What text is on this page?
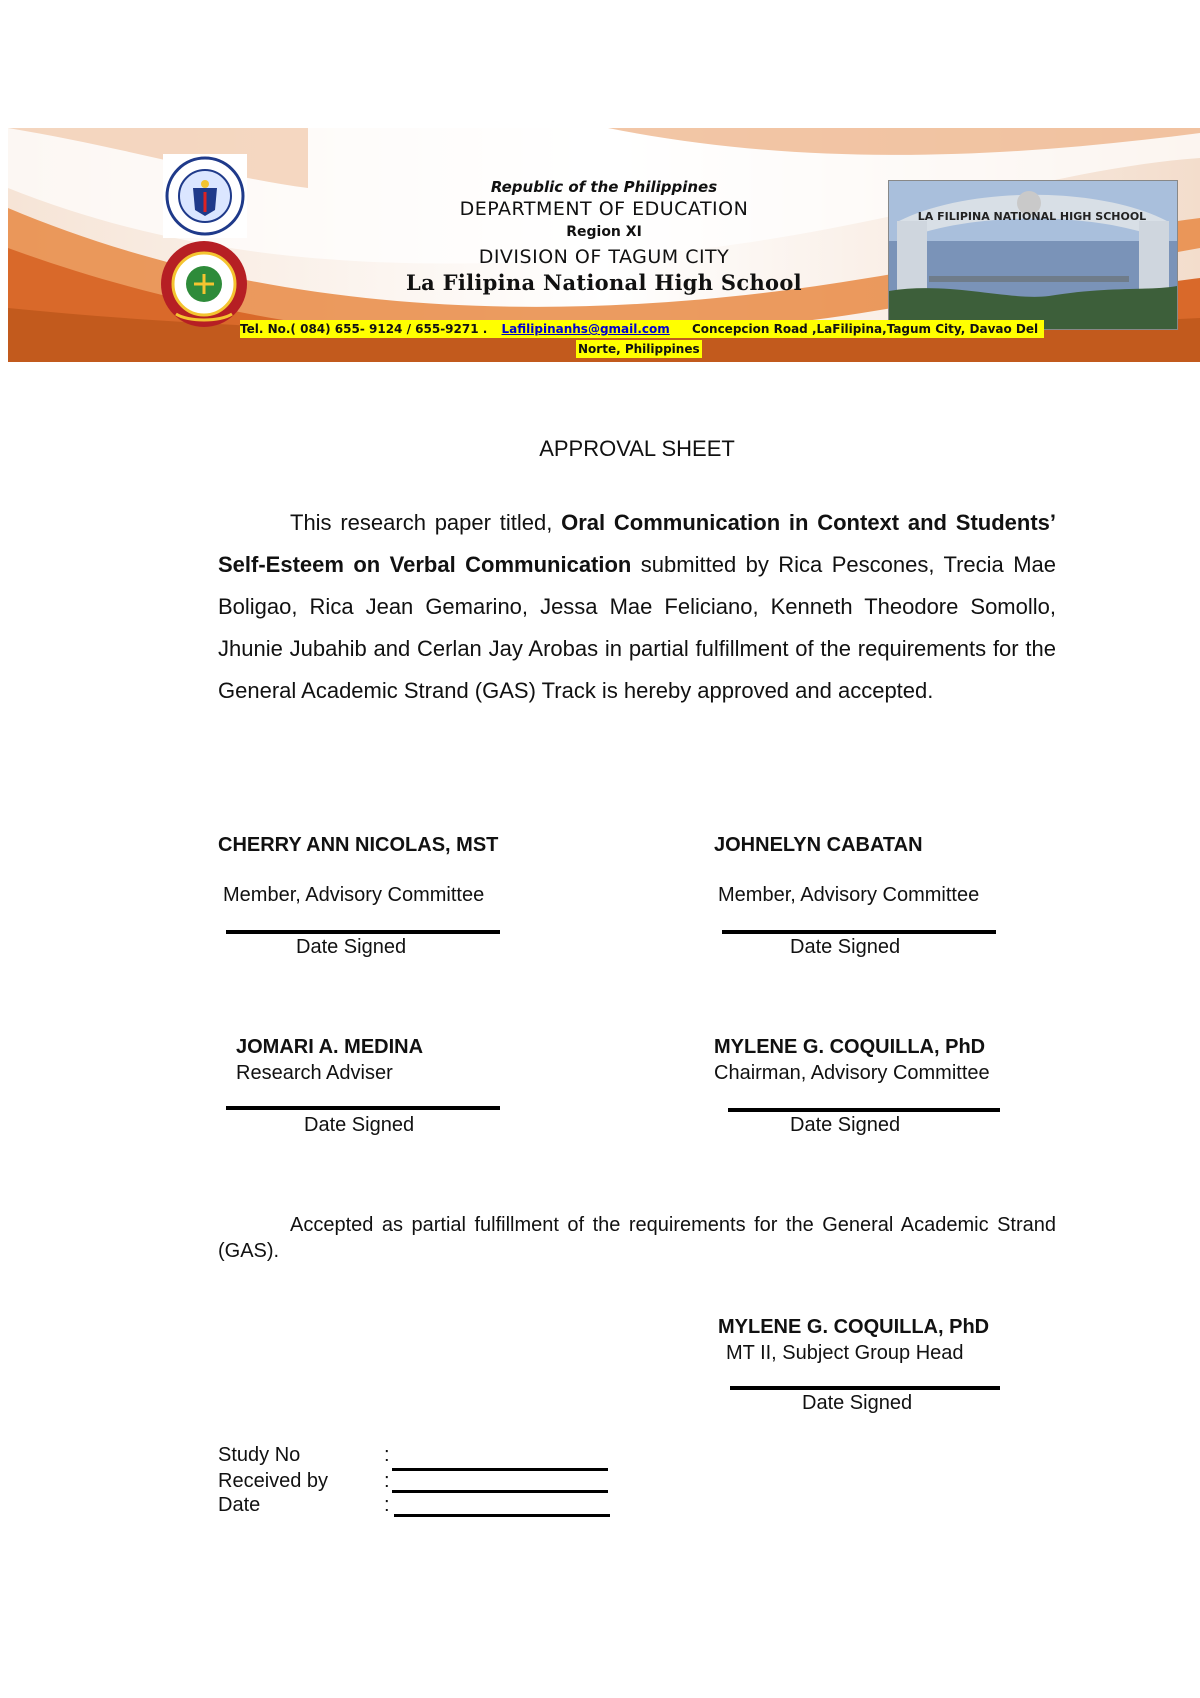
Republic of the Philippines
DEPARTMENT OF EDUCATION
Region XI
DIVISION OF TAGUM CITY
La Filipina National High School
LA FILIPINA NATIONAL HIGH SCHOOL
Tel. No.( 084) 655- 9124 / 655-9271 . Lafilipinanhs@gmail.com Concepcion Road ,LaFilipina,Tagum City, Davao Del
Norte, Philippines
APPROVAL SHEET
This research paper titled, Oral Communication in Context and Students’ Self-Esteem on Verbal Communication submitted by Rica Pescones, Trecia Mae Boligao, Rica Jean Gemarino, Jessa Mae Feliciano, Kenneth Theodore Somollo, Jhunie Jubahib and Cerlan Jay Arobas in partial fulfillment of the requirements for the General Academic Strand (GAS) Track is hereby approved and accepted.
CHERRY ANN NICOLAS, MST
Member, Advisory Committee
Date Signed
JOHNELYN CABATAN
Member, Advisory Committee
Date Signed
JOMARI A. MEDINA
Research Adviser
Date Signed
MYLENE G. COQUILLA, PhD
Chairman, Advisory Committee
Date Signed
Accepted as partial fulfillment of the requirements for the General Academic Strand (GAS).
MYLENE G. COQUILLA, PhD
MT II, Subject Group Head
Date Signed
Study No	:
Received by	:
Date	:
